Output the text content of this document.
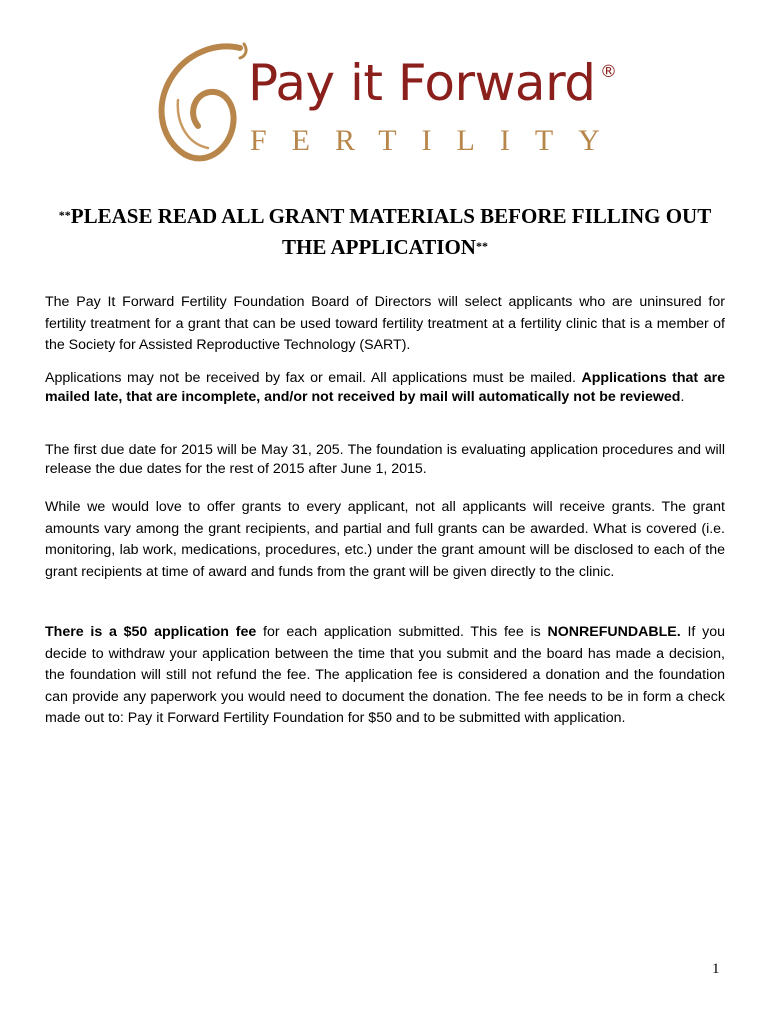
Pay it Forward ®
FERTILITY
**PLEASE READ ALL GRANT MATERIALS BEFORE FILLING OUT
THE APPLICATION**

The Pay It Forward Fertility Foundation Board of Directors will select applicants who are uninsured for fertility treatment for a grant that can be used toward fertility treatment at a fertility clinic that is a member of the Society for Assisted Reproductive Technology (SART).

Applications may not be received by fax or email. All applications must be mailed. Applications that are mailed late, that are incomplete, and/or not received by mail will automatically not be reviewed.

The first due date for 2015 will be May 31, 205. The foundation is evaluating application procedures and will release the due dates for the rest of 2015 after June 1, 2015.

While we would love to offer grants to every applicant, not all applicants will receive grants. The grant amounts vary among the grant recipients, and partial and full grants can be awarded. What is covered (i.e. monitoring, lab work, medications, procedures, etc.) under the grant amount will be disclosed to each of the grant recipients at time of award and funds from the grant will be given directly to the clinic.

There is a $50 application fee for each application submitted. This fee is NONREFUNDABLE. If you decide to withdraw your application between the time that you submit and the board has made a decision, the foundation will still not refund the fee. The application fee is considered a donation and the foundation can provide any paperwork you would need to document the donation. The fee needs to be in form a check made out to: Pay it Forward Fertility Foundation for $50 and to be submitted with application.

1
